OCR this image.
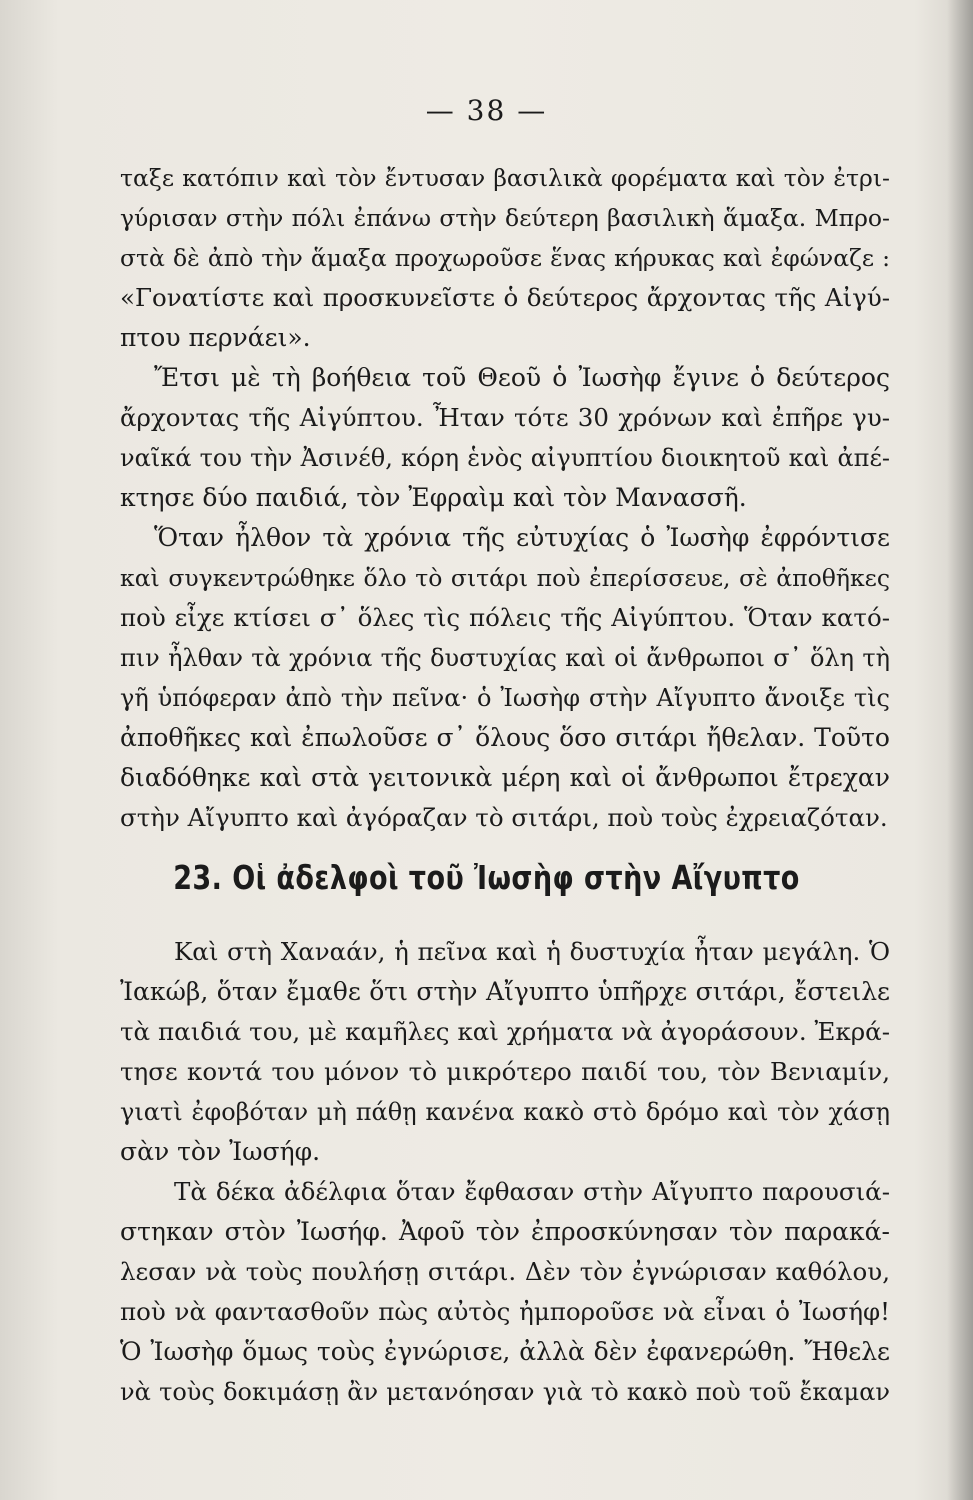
— 38 —
ταξε κατόπιν καὶ τὸν ἔντυσαν βασιλικὰ φορέματα καὶ τὸν ἐτρι-
γύρισαν στὴν πόλι ἐπάνω στὴν δεύτερη βασιλικὴ ἅμαξα. Μπρο-
στὰ δὲ ἀπὸ τὴν ἅμαξα προχωροῦσε ἕνας κήρυκας καὶ ἐφώναζε :
«Γονατίστε καὶ προσκυνεῖστε ὁ δεύτερος ἄρχοντας τῆς Αἰγύ-
πτου περνάει».
Ἔτσι μὲ τὴ βοήθεια τοῦ Θεοῦ ὁ Ἰωσὴφ ἔγινε ὁ δεύτερος
ἄρχοντας τῆς Αἰγύπτου. Ἦταν τότε 30 χρόνων καὶ ἐπῆρε γυ-
ναῖκά του τὴν Ἀσινέθ, κόρη ἑνὸς αἰγυπτίου διοικητοῦ καὶ ἀπέ-
κτησε δύο παιδιά, τὸν Ἐφραὶμ καὶ τὸν Μανασσῆ.
Ὅταν ἦλθον τὰ χρόνια τῆς εὐτυχίας ὁ Ἰωσὴφ ἐφρόντισε
καὶ συγκεντρώθηκε ὅλο τὸ σιτάρι ποὺ ἐπερίσσευε, σὲ ἀποθῆκες
ποὺ εἶχε κτίσει σ᾽ ὅλες τὶς πόλεις τῆς Αἰγύπτου. Ὅταν κατό-
πιν ἦλθαν τὰ χρόνια τῆς δυστυχίας καὶ οἱ ἄνθρωποι σ᾽ ὅλη τὴ
γῆ ὑπόφεραν ἀπὸ τὴν πεῖνα· ὁ Ἰωσὴφ στὴν Αἴγυπτο ἄνοιξε τὶς
ἀποθῆκες καὶ ἐπωλοῦσε σ᾽ ὅλους ὅσο σιτάρι ἤθελαν. Τοῦτο
διαδόθηκε καὶ στὰ γειτονικὰ μέρη καὶ οἱ ἄνθρωποι ἔτρεχαν
στὴν Αἴγυπτο καὶ ἀγόραζαν τὸ σιτάρι, ποὺ τοὺς ἐχρειαζόταν.
23. Οἱ ἀδελφοὶ τοῦ Ἰωσὴφ στὴν Αἴγυπτο
Καὶ στὴ Χαναάν, ἡ πεῖνα καὶ ἡ δυστυχία ἦταν μεγάλη. Ὁ
Ἰακώβ, ὅταν ἔμαθε ὅτι στὴν Αἴγυπτο ὑπῆρχε σιτάρι, ἔστειλε
τὰ παιδιά του, μὲ καμῆλες καὶ χρήματα νὰ ἀγοράσουν. Ἐκρά-
τησε κοντά του μόνον τὸ μικρότερο παιδί του, τὸν Βενιαμίν,
γιατὶ ἐφοβόταν μὴ πάθῃ κανένα κακὸ στὸ δρόμο καὶ τὸν χάσῃ
σὰν τὸν Ἰωσήφ.
Τὰ δέκα ἀδέλφια ὅταν ἔφθασαν στὴν Αἴγυπτο παρουσιά-
στηκαν στὸν Ἰωσήφ. Ἀφοῦ τὸν ἐπροσκύνησαν τὸν παρακά-
λεσαν νὰ τοὺς πουλήσῃ σιτάρι. Δὲν τὸν ἐγνώρισαν καθόλου,
ποὺ νὰ φαντασθοῦν πὼς αὐτὸς ἠμποροῦσε νὰ εἶναι ὁ Ἰωσήφ!
Ὁ Ἰωσὴφ ὅμως τοὺς ἐγνώρισε, ἀλλὰ δὲν ἐφανερώθη. Ἤθελε
νὰ τοὺς δοκιμάσῃ ἂν μετανόησαν γιὰ τὸ κακὸ ποὺ τοῦ ἔκαμαν
